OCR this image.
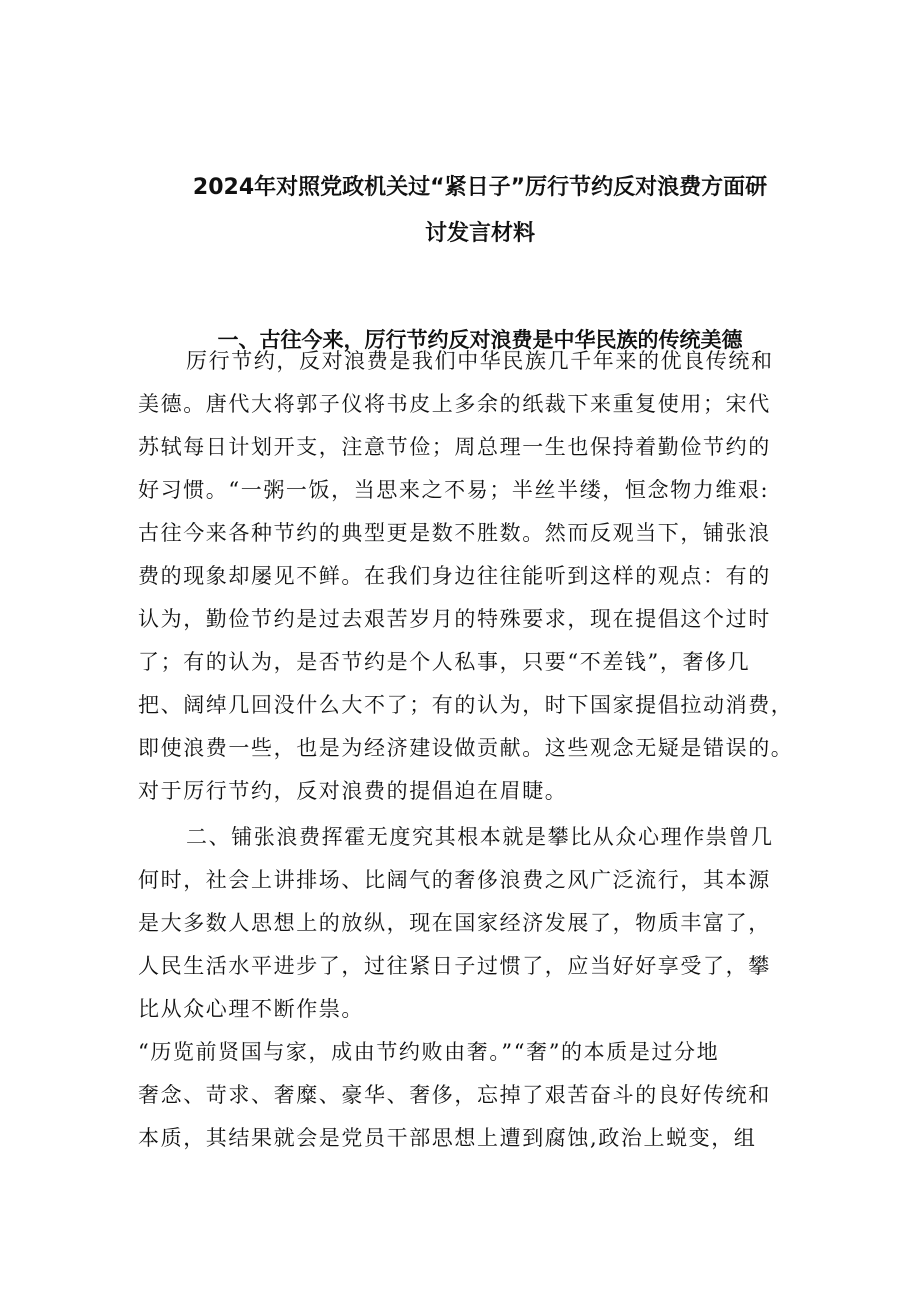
2024年对照党政机关过“紧日子”厉行节约反对浪费方面研
讨发言材料
一、古往今来，厉行节约反对浪费是中华民族的传统美德
厉行节约，反对浪费是我们中华民族几千年来的优良传统和
美德。唐代大将郭子仪将书皮上多余的纸裁下来重复使用；宋代
苏轼每日计划开支，注意节俭；周总理一生也保持着勤俭节约的
好习惯。“一粥一饭，当思来之不易；半丝半缕，恒念物力维艰:
古往今来各种节约的典型更是数不胜数。然而反观当下，铺张浪
费的现象却屡见不鲜。在我们身边往往能听到这样的观点：有的
认为，勤俭节约是过去艰苦岁月的特殊要求，现在提倡这个过时
了；有的认为，是否节约是个人私事，只要“不差钱”，奢侈几
把、阔绰几回没什么大不了；有的认为，时下国家提倡拉动消费，
即使浪费一些，也是为经济建设做贡献。这些观念无疑是错误的。
对于厉行节约，反对浪费的提倡迫在眉睫。
二、铺张浪费挥霍无度究其根本就是攀比从众心理作祟曾几
何时，社会上讲排场、比阔气的奢侈浪费之风广泛流行，其本源
是大多数人思想上的放纵，现在国家经济发展了，物质丰富了，
人民生活水平进步了，过往紧日子过惯了，应当好好享受了，攀
比从众心理不断作祟。
“历览前贤国与家，成由节约败由奢。”“奢”的本质是过分地
奢念、苛求、奢糜、豪华、奢侈，忘掉了艰苦奋斗的良好传统和
本质，其结果就会是党员干部思想上遭到腐蚀,政治上蜕变，组
